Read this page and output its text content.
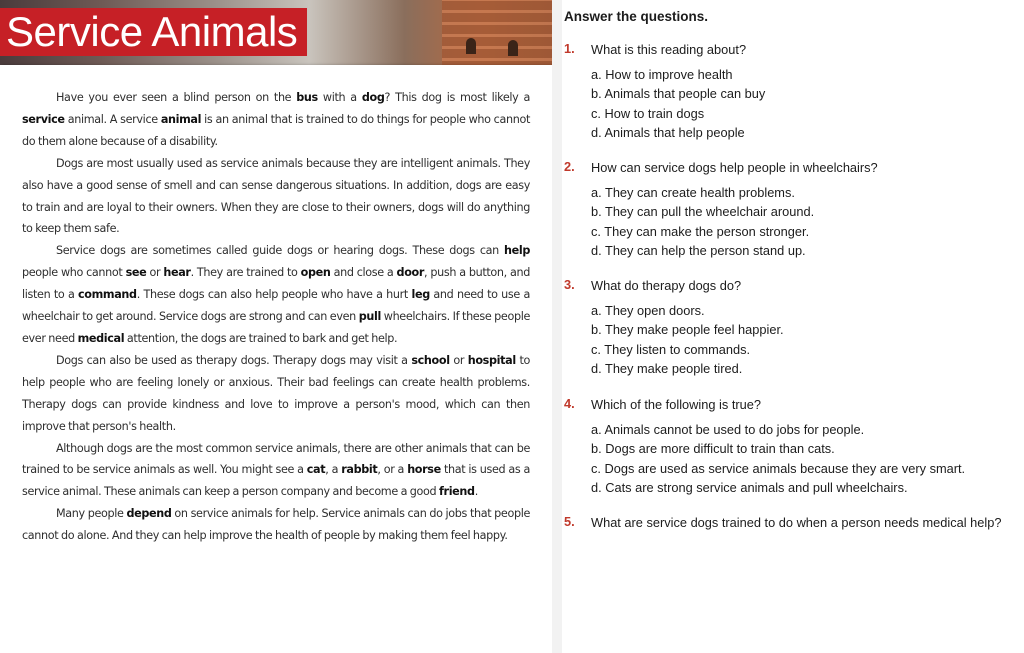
Service Animals

Have you ever seen a blind person on the bus with a dog? This dog is most likely a service animal. A service animal is an animal that is trained to do things for people who cannot do them alone because of a disability.

Dogs are most usually used as service animals because they are intelligent animals. They also have a good sense of smell and can sense dangerous situations. In addition, dogs are easy to train and are loyal to their owners. When they are close to their owners, dogs will do anything to keep them safe.

Service dogs are sometimes called guide dogs or hearing dogs. These dogs can help people who cannot see or hear. They are trained to open and close a door, push a button, and listen to a command. These dogs can also help people who have a hurt leg and need to use a wheelchair to get around. Service dogs are strong and can even pull wheelchairs. If these people ever need medical attention, the dogs are trained to bark and get help.

Dogs can also be used as therapy dogs. Therapy dogs may visit a school or hospital to help people who are feeling lonely or anxious. Their bad feelings can create health problems. Therapy dogs can provide kindness and love to improve a person's mood, which can then improve that person's health.

Although dogs are the most common service animals, there are other animals that can be trained to be service animals as well. You might see a cat, a rabbit, or a horse that is used as a service animal. These animals can keep a person company and become a good friend.

Many people depend on service animals for help. Service animals can do jobs that people cannot do alone. And they can help improve the health of people by making them feel happy.

Answer the questions.
1. What is this reading about?
a. How to improve health
b. Animals that people can buy
c. How to train dogs
d. Animals that help people
2. How can service dogs help people in wheelchairs?
a. They can create health problems.
b. They can pull the wheelchair around.
c. They can make the person stronger.
d. They can help the person stand up.
3. What do therapy dogs do?
a. They open doors.
b. They make people feel happier.
c. They listen to commands.
d. They make people tired.
4. Which of the following is true?
a. Animals cannot be used to do jobs for people.
b. Dogs are more difficult to train than cats.
c. Dogs are used as service animals because they are very smart.
d. Cats are strong service animals and pull wheelchairs.
5. What are service dogs trained to do when a person needs medical help?
